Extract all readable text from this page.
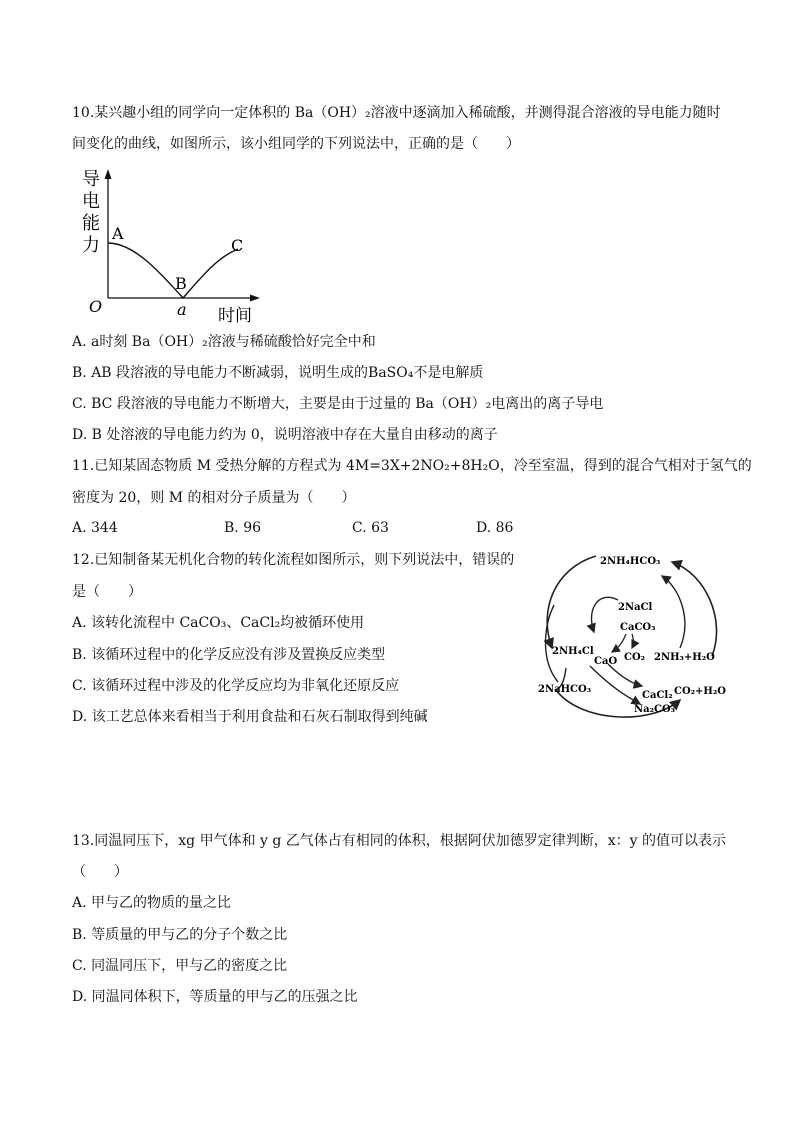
10.某兴趣小组的同学向一定体积的 Ba（OH）₂溶液中逐滴加入稀硫酸，并测得混合溶液的导电能力随时
间变化的曲线，如图所示，该小组同学的下列说法中，正确的是（　　）
导
电
能
力
A
B
C
O	a 时间
A. a时刻 Ba（OH）₂溶液与稀硫酸恰好完全中和
B. AB 段溶液的导电能力不断减弱，说明生成的BaSO₄不是电解质
C. BC 段溶液的导电能力不断增大，主要是由于过量的 Ba（OH）₂电离出的离子导电
D. B 处溶液的导电能力约为 0，说明溶液中存在大量自由移动的离子
11.已知某固态物质 M 受热分解的方程式为 4M=3X+2NO₂+8H₂O，冷至室温，得到的混合气相对于氢气的
密度为 20，则 M 的相对分子质量为（　　）
A. 344	B. 96	C. 63	D. 86
12.已知制备某无机化合物的转化流程如图所示，则下列说法中，错误的
是（　　）
A. 该转化流程中 CaCO₃、CaCl₂均被循环使用
B. 该循环过程中的化学反应没有涉及置换反应类型
C. 该循环过程中涉及的化学反应均为非氧化还原反应
D. 该工艺总体来看相当于利用食盐和石灰石制取得到纯碱
2NH₄HCO₃
2NaCl
CaCO₃
2NH₄Cl
CaO CO₂ 2NH₃+H₂O
2NaHCO₃
CaCl₂ CO₂+H₂O
Na₂CO₃
13.同温同压下，xg 甲气体和 y g 乙气体占有相同的体积，根据阿伏加德罗定律判断，x：y 的值可以表示
（　　）
A. 甲与乙的物质的量之比
B. 等质量的甲与乙的分子个数之比
C. 同温同压下，甲与乙的密度之比
D. 同温同体积下，等质量的甲与乙的压强之比
